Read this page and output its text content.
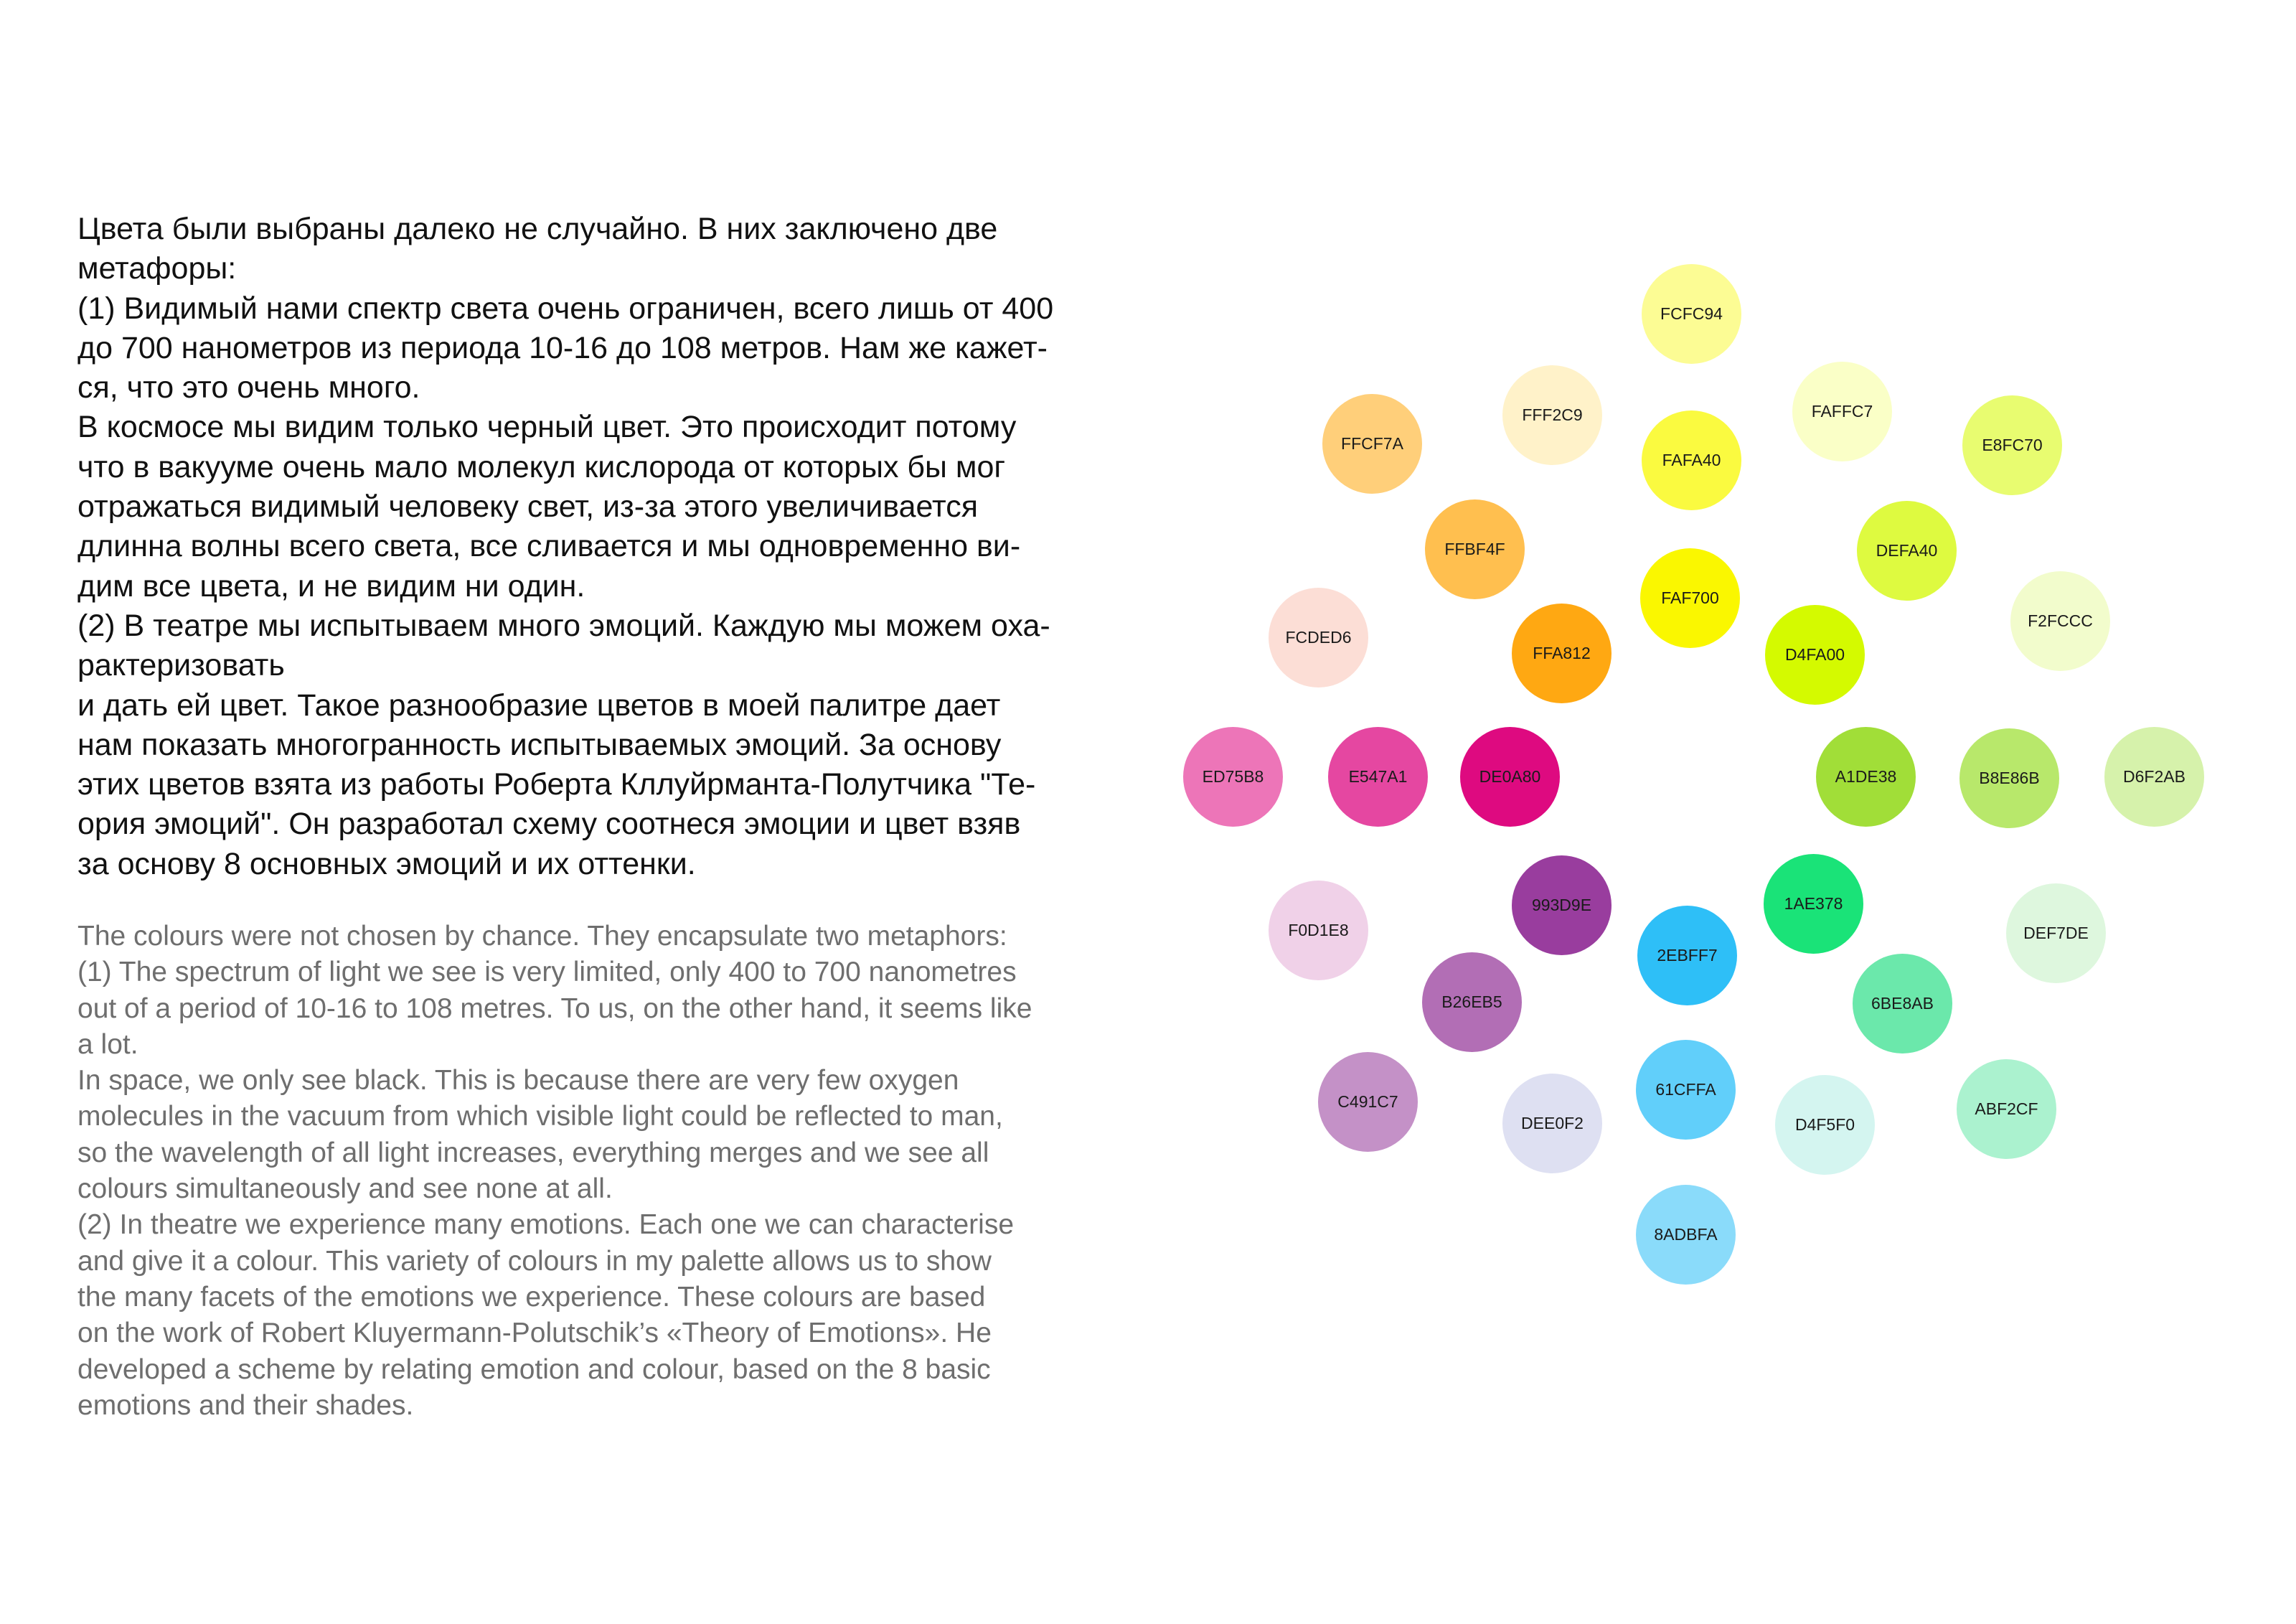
Цвета были выбраны далеко не случайно. В них заключено две

метафоры:

(1) Видимый нами спектр света очень ограничен, всего лишь от 400

до 700 нанометров из периода 10-16 до 108 метров. Нам же кажет-

ся, что это очень много.

В космосе мы видим только черный цвет. Это происходит потому

что в вакууме очень мало молекул кислорода от которых бы мог

отражаться видимый человеку свет, из-за этого увеличивается

длинна волны всего света, все сливается и мы одновременно ви-

дим все цвета, и не видим ни один.

(2) В театре мы испытываем много эмоций. Каждую мы можем оха-

рактеризовать

и дать ей цвет. Такое разнообразие цветов в моей палитре дает

нам показать многогранность испытываемых эмоций. За основу

этих цветов взята из работы Роберта Кллуйрманта-Полутчика "Те-

ория эмоций". Он разработал схему соотнеся эмоции и цвет взяв

за основу 8 основных эмоций и их оттенки.

The colours were not chosen by chance. They encapsulate two metaphors:

(1) The spectrum of light we see is very limited, only 400 to 700 nanometres

out of a period of 10-16 to 108 metres. To us, on the other hand, it seems like

a lot.

In space, we only see black. This is because there are very few oxygen

molecules in the vacuum from which visible light could be reflected to man,

so the wavelength of all light increases, everything merges and we see all

colours simultaneously and see none at all.

(2) In theatre we experience many emotions. Each one we can characterise

and give it a colour. This variety of colours in my palette allows us to show

the many facets of the emotions we experience. These colours are based

on the work of Robert Kluyermann-Polutschik’s «Theory of Emotions». He

developed a scheme by relating emotion and colour, based on the 8 basic

emotions and their shades.

FCFC94
FFF2C9	FAFFC7
FFCF7A
FAFA40
E8FC70
FFBF4F	DEFA40
FAF700
F2FCCC
FCDED6
FFA812	D4FA00
ED75B8	E547A1	DE0A80	A1DE38	B8E86B	D6F2AB
993D9E	1AE378
F0D1E8	DEF7DE
2EBFF7
B26EB5	6BE8AB
61CFFA
C491C7	ABF2CF
DEE0F2	D4F5F0
8ADBFA
